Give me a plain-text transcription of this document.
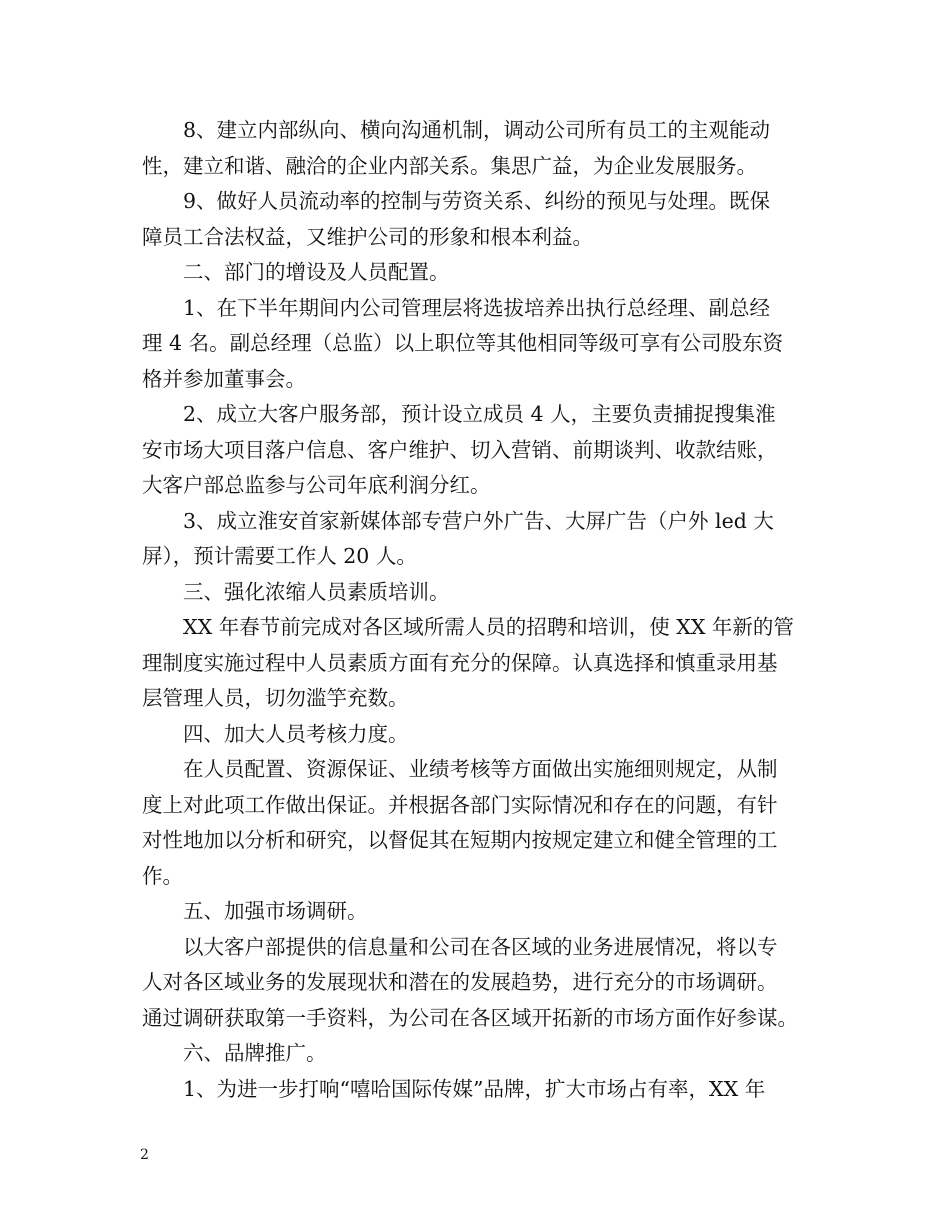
8、建立内部纵向、横向沟通机制，调动公司所有员工的主观能动
性，建立和谐、融洽的企业内部关系。集思广益，为企业发展服务。
9、做好人员流动率的控制与劳资关系、纠纷的预见与处理。既保
障员工合法权益，又维护公司的形象和根本利益。
二、部门的增设及人员配置。
1、在下半年期间内公司管理层将选拔培养出执行总经理、副总经
理 4 名。副总经理（总监）以上职位等其他相同等级可享有公司股东资
格并参加董事会。
2、成立大客户服务部，预计设立成员 4 人，主要负责捕捉搜集淮
安市场大项目落户信息、客户维护、切入营销、前期谈判、收款结账，
大客户部总监参与公司年底利润分红。
3、成立淮安首家新媒体部专营户外广告、大屏广告（户外 led 大
屏），预计需要工作人 20 人。
三、强化浓缩人员素质培训。
XX 年春节前完成对各区域所需人员的招聘和培训，使 XX 年新的管
理制度实施过程中人员素质方面有充分的保障。认真选择和慎重录用基
层管理人员，切勿滥竽充数。
四、加大人员考核力度。
在人员配置、资源保证、业绩考核等方面做出实施细则规定，从制
度上对此项工作做出保证。并根据各部门实际情况和存在的问题，有针
对性地加以分析和研究，以督促其在短期内按规定建立和健全管理的工
作。
五、加强市场调研。
以大客户部提供的信息量和公司在各区域的业务进展情况，将以专
人对各区域业务的发展现状和潜在的发展趋势，进行充分的市场调研。
通过调研获取第一手资料，为公司在各区域开拓新的市场方面作好参谋。
六、品牌推广。
1、为进一步打响“嘻哈国际传媒”品牌，扩大市场占有率，XX 年
2
